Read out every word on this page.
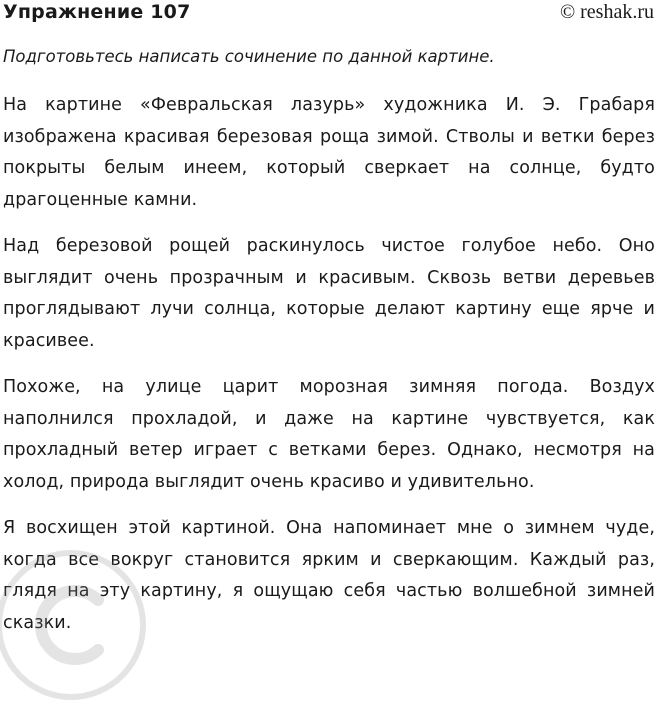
Упражнение 107	© reshak.ru
Подготовьтесь написать сочинение по данной картине.

На картине «Февральская лазурь» художника И. Э. Грабаря изображена красивая березовая роща зимой. Стволы и ветки берез покрыты белым инеем, который сверкает на солнце, будто драгоценные камни.

Над березовой рощей раскинулось чистое голубое небо. Оно выглядит очень прозрачным и красивым. Сквозь ветви деревьев проглядывают лучи солнца, которые делают картину еще ярче и красивее.

Похоже, на улице царит морозная зимняя погода. Воздух наполнился прохладой, и даже на картине чувствуется, как прохладный ветер играет с ветками берез. Однако, несмотря на холод, природа выглядит очень красиво и удивительно.

Я восхищен этой картиной. Она напоминает мне о зимнем чуде, когда все вокруг становится ярким и сверкающим. Каждый раз, глядя на эту картину, я ощущаю себя частью волшебной зимней сказки.
